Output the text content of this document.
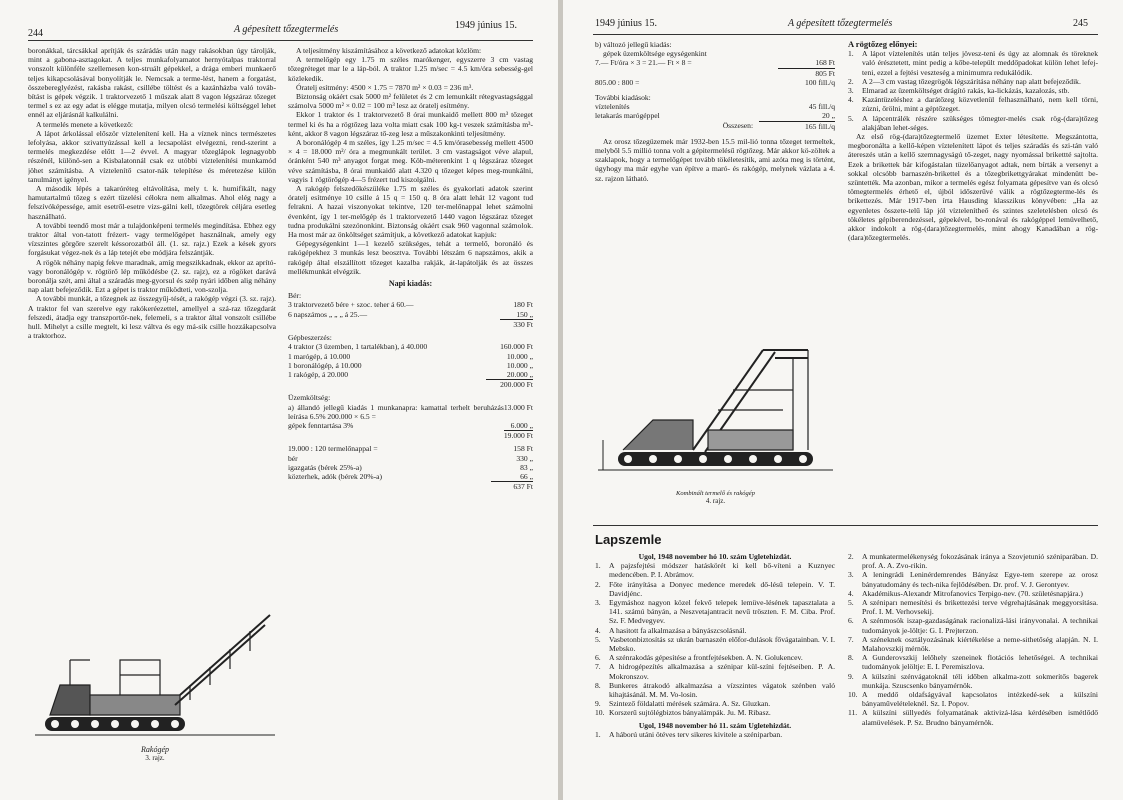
244	A gépesített tőzegtermelés	1949 június 15.

boronákkal, tárcsákkal aprítják és szárádás után nagy rakásokban úgy tárolják, mint a gabona-asztagokat. A teljes munkafolyamatot hernyótalpas traktorral vonszolt különféle szellemesen kon-struált gépekkel, a drága emberi munkaerő teljes kikapcsolásával bonyolítják le. Nemcsak a terme-lést, hanem a forgatást, összebereglyézést, rakásba rakást, csillébe töltést és a kazánházba való továb-bítást is gépek végzik. 1 traktorvezető 1 műszak alatt 8 vagon légszáraz tőzeget termel s ez az egy adat is elégge mutatja, milyen olcsó termelési költséggel lehet ennél az eljárásnál kalkulálni.

A termelés menete a következő:

A lápot árkolással először víztelenítení kell. Ha a víznek nincs természetes lefolyása, akkor szivattyúzással kell a lecsapolást elvégezni, rend-szerint a termelés megkezdése előtt 1—2 évvel. A magyar tőzeglápok legnagyobb részénél, különö-sen a Kisbalatonnál csak ez utóbbi víztelenítési munkamód jöhet számításba. A víztelenítő csator-nák telepítése és méretezése külön tanulmányt igényel.

A második lépés a takaróréteg eltávolítása, mely t. k. humifikált, nagy hamutartalmú tőzeg s ezért tüzelési célokra nem alkalmas. Ahol elég nagy a felszívóképessége, amit esetről-esetre vizs-gálni kell, tőzegtörek céljára esetleg hasznáIható.

A további teendő most már a tulajdonképeni termelés megindítása. Ebhez egy traktor által von-tatott frézert- vagy termelőgépet használnak, amely egy vízszintes görgőre szerelt késsorozatból áll. (1. sz. rajz.) Ezek a kések gyors forgásukat végez-nek és a láp tetejét ebe módjára felszántják.

A rögök néhány napig fekve maradnak, amíg megszikkadnak, ekkor az aprító- vagy boronálógép v. rögtörő lép működésbe (2. sz. rajz), ez a rögöket darává boronálja szét, ami által a száradás meg-gyorsul és szép nyári időben alig néhány nap alatt befejeződik. Ezt a gépet is traktor működteti, von-szolja.

A további munkát, a tőzegnek az összegyűj-tését, a rakógép végzi (3. sz. rajz). A traktor fel van szerelve egy rakókeréezettel, amellyel a szá-raz tőzegdarát felszedi, átadja egy transzportőr-nek, felemeli, s a traktor által vonszolt csillébe hull. Mihelyt a csille megtelt, ki lesz váltva és egy má-sik csille hozzákapcsolva a traktorhoz.

Rakógép
3. rajz.

A teljesítmény kiszámításához a következő adatokat közlöm:

A termelőgép egy 1.75 m széles marókenger, egyszerre 3 cm vastag tőzegréteget mar le a láp-ból. A traktor 1.25 m/sec = 4.5 km/óra sebesség-gel közlekedik.

Óratelj esítmény: 4500 × 1.75 = 7870 m² × 0.03 = 236 m³.

Biztonság okáért csak 5000 m² felületet és 2 cm lemunkált rétegvastagsággal számolva 5000 m² × 0.02 = 100 m³ lesz az óratelj esítmény.

Ekkor 1 traktor és 1 traktorvezető 8 órai munkaidő mellett 800 m³ tőzeget termel ki és ha a rögtőzeg laza volta miatt csak 100 kg-t veszek számításba m³-ként, akkor 8 vagon légszáraz tő-zeg lesz a műszakonkinti teljesítmény.

A boronálógép 4 m széles, így 1.25 m/sec = 4.5 km/órasebesség mellett 4500 × 4 = 18.000 m²/ óra a megmunkált terület. 3 cm vastagságot véve alapul, óránként 540 m³ anyagot forgat meg. Köb-méterenkint 1 q légszáraz tőzeget véve számításba, 8 órai munkaidő alatt 4.320 q tőzeget képes meg-munkálni, vagyis 1 rögtörőgép 4—5 frézert tud kiszolgálni.

A rakógép felszedőkészüléke 1.75 m széles és gyakorlati adatok szerint óratelj esítménye 10 csille á 15 q = 150 q. 8 óra alatt lehát 12 vagont tud felrakni. A hazai viszonyokat tekintve, 120 ter-melőnappal lehet számolni évenként, így 1 ter-melőgép és 1 traktorvezető 1440 vagon légszáraz tőzeget tudna produkálni szezónonkint. Biztonság okáért csak 960 vagonnal számolok. Ha most már az önköltséget számítjuk, a következő adatokat kapjuk:

Gépegységenkint 1—1 kezelő szükséges, tehát a termelő, boronáló és rakógépekhez 3 munkás lesz beosztva. További létszám 6 napszámos, akik a rakógép által elszállított tőzeget kazalba rakják, át-lapátolják és az összes mellékmunkát elvégzik.

Napi kiadás:
Bér:
3 traktorvezető bére + szoc. teher á 60.—	180 Ft
6 napszámos „ „ „ á 25.—	150 „
	330 Ft
Gépbeszerzés:
4 traktor (3 üzemben, 1 tartalékban), á 40.000	160.000 Ft
1 marógép, á 10.000	10.000 „
1 boronálógép, á 10.000	10.000 „
1 rakógép, á 20.000	20.000 „
	200.000 Ft
Üzemköltség:
a) állandó jellegű kiadás 1 munkanapra: kamattal terhelt beruházás leírása 6.5% 200.000 × 6.5 =	13.000 Ft
gépek fenntartása 3%	6.000 „
	19.000 Ft
19.000 : 120 termelőnappal =	158 Ft
bér	330 „
igazgatás (bérek 25%-a)	83 „
közterhek, adók (bérek 20%-a)	66 „
	637 Ft
1949 június 15.	A gépesített tőzegtermelés	245
b) változó jellegű kiadás:
gépek üzemköltsége egységenkint
7.— Ft/óra × 3 = 21.— Ft × 8 =	168 Ft
	805 Ft
805.00 : 800 =	100 fill./q
További kiadások:
víztelenítés	45 fill./q
letakarás marógéppel	20 „
Összesen:	165 fill./q

Az orosz tőzegüzemek már 1932-ben 15.5 mil-lió tonna tőzeget termeltek, melyből 5.5 millió tonna volt a gépitermelésű rögtőzeg. Már akkor kö-zöltek a szaklapok, hogy a termelőgépet tovább tökéletesítik, ami azóta meg is történt, úgyhogy ma már egyhe van építve a maró- és rakógép, melynek vázlata a 4. sz. rajzon látható.

Kombinált termelő és rakógép
4. rajz.
A rögtőzeg előnyei:
1. A lápot víztelenítés után teljes jövesz-teni és úgy az alomnak és töreknek való érésztetett, mint pedig a kőbe-települt meddőpadokat külön lehet lefej-teni, ezzel a fejtési veszteség a minimumra redukálódik.
2. A 2—3 cm vastag tőzegrögök légszárítása néhány nap alatt befejeződik.
3. Elmarad az üzemköltséget drágító rakás, ka-lickázás, kazalozás, stb.
4. Kazántüzeléshez a darátőzeg közvetlenül felhasználható, nem kell törni, zúzni, őrölni, mint a géptőzeget.
5. A lápcentrálék részére szükséges tömegter-melés csak rög-(dara)tőzeg alakjában lehet-séges.

Az első rög-(dara)tőzegtermelő üzemet Exter létesítette. Megszántotta, megboronálta a kellő-képen víztelenített lápot és teljes száradás és szi-tán való átereszés után a kellő szemnagyságú tő-zeget, nagy nyomással brikettté sajtolta. Ezek a brikettek bár kifogástalan tüzelőanyagot adtak, nem bírták a versenyt a sokkal olcsóbb barnaszén-brikettel és a tőzegbrikettgyárakat mindenütt be-szüntették. Ma azonban, mikor a termelés egész folyamata gépesítve van és olcsó tömegtermelés érhető el, újból időszerűvé válik a rögtőzegterme-lés és brikettezés. Már 1917-ben írta Hausding klasszikus könyvében: „Ha az egyenletes összete-telű láp jól víztelenítheő és szintes szeletelésben olcsó és tökéletes gépiberendezéssel, gépekével, bo-ronával és rakógéppel lemüvelhető, akkor indokolt a rög-(dara)tőzegtermelés, mint ahogy Kanadában a rög-(dara)tőzegtermelés.

Lapszemle
Ugol, 1948 november hó 10. szám Ugletehizdát.
1. A pajzsfejtési módszer hatáskörét ki kell bő-víteni a Kuznyec medencében. P. I. Abrámov.
2. Főte irányítása a Donyec medence meredek dő-lésű telepein. V. T. Davidjénc.
3. Egymáshoz nagyon közel fekvő telepek lemüve-lésének tapasztalata a 141. számú bányán, a Neszvetajantracit nevű tröszten. F. M. Ciba. Prof. Sz. F. Medvegyev.
4. A hasitott fa alkalmazása a bányászcsolásnál.
5. Vasbetonbiztosítás sz ukrán barnaszén előfor-dulások fővágatainban. V. I. Mebsko.
6. A szénrakodás gépesítése a frontfejtésekben. A. N. Golukencev.
7. A hidrogépezítés alkalmazása a szénipar kül-színi fejtéseiben. P. A. Mokronszov.
8. Bunkeres átrakodó alkalmazása a vízszintes vágatok szénben való kihajtásánál. M. M. Vo-losin.
9. Szintező földalatti mérések számára. A. Sz. Gluzkan.
10. Korszerű sujtólégbiztos bányalámpák. Ju. M. Ribasz.
Ugol, 1948 november hó 11. szám Ugletehizdát.
1. A háború utáni ötéves terv sikeres kivitele a széniparban.
2. A munkatermelékenység fokozásának iránya a Szovjetunió széniparában. D. prof. A. A. Zvo-rikin.
3. A leningrádi Leninérdemrendes Bányász Egye-tem szerepe az orosz bányatudomány és tech-nika fejlődésében. Dr. prof. V. J. Gerontyev.
4. Akadémikus-Alexandr Mitrofanovics Terpigo-nev. (70. születésnapjára.)
5. A széniparı nemesítési és brikettezési terve végrehajtásának meggyorsítása. Prof. I. M. Verhovsekij.
6. A szénmosók iszap-gazdaságának racionalizá-lási irányvonalai. A technikai tudományok je-löltje: G. I. Prejterzon.
7. A széneknek osztályozásának kiértékelése a neme-sithetőség alapján. N. I. Malahovszkij mérnök.
8. A Gunderovszkij lelőhely szeneinek flotációs lehetőségei. A technikai tudományok jelöltje: E. I. Peremiszlova.
9. A külszíni szénvágatoknál téli időben alkalma-zott sokmerítős bagerek munkája. Szuscsenko bányamérnök.
10. A meddő oldafságyávaI kapcsolatos intézkedé-sek a külszíni bányaművelételeknél. Sz. I. Popov.
11. A külszíni süllyedés folyamatának aktivizá-lása kérdésében ismétlődő alamüvelések. P. Sz. Brudno bányamérnök.
